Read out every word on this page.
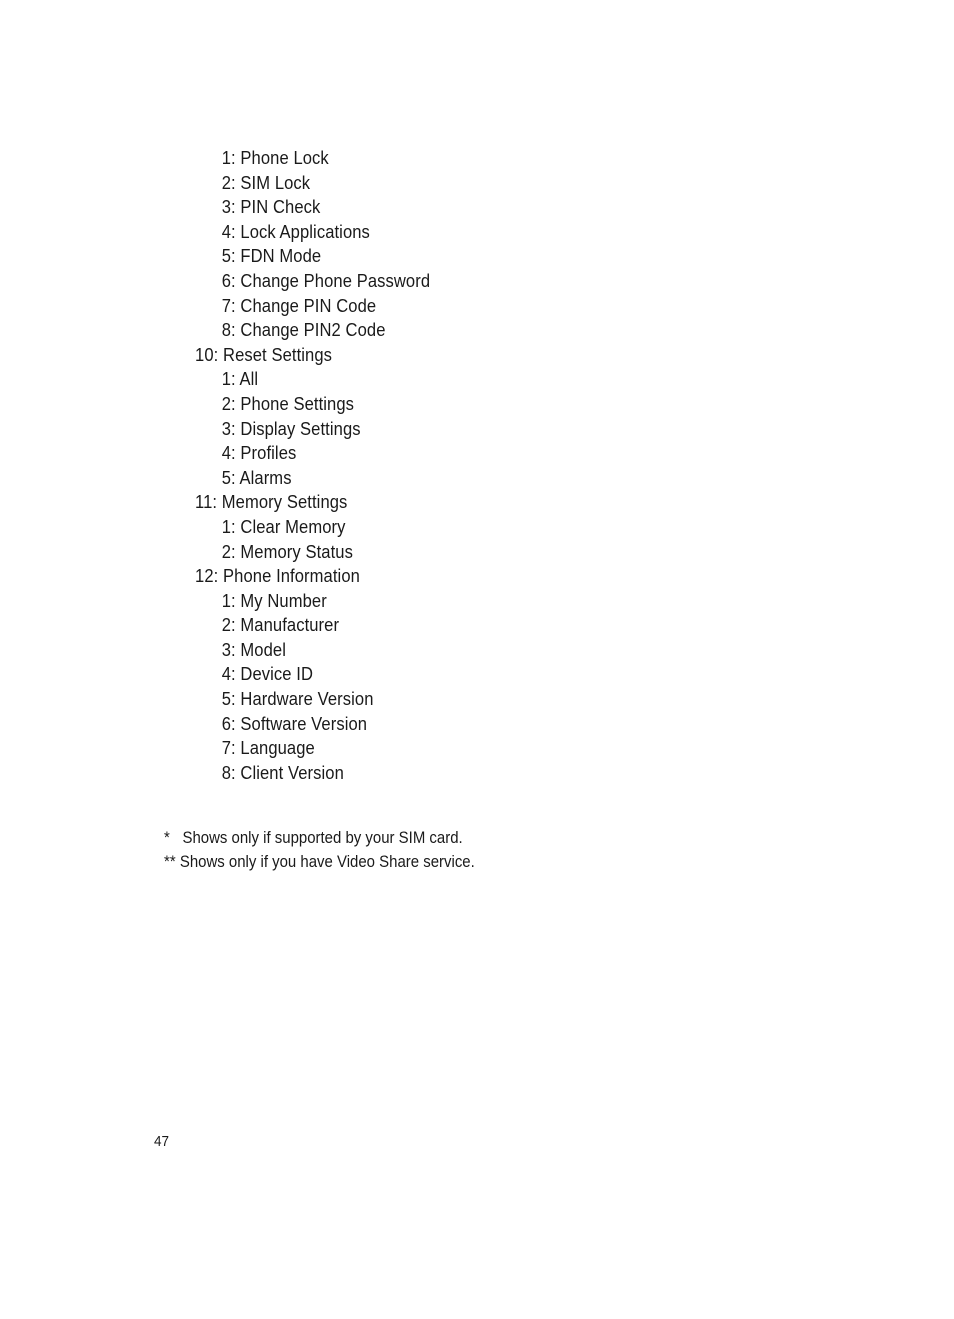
1: Phone Lock
2: SIM Lock
3: PIN Check
4: Lock Applications
5: FDN Mode
6: Change Phone Password
7: Change PIN Code
8: Change PIN2 Code
10: Reset Settings
1: All
2: Phone Settings
3: Display Settings
4: Profiles
5: Alarms
11: Memory Settings
1: Clear Memory
2: Memory Status
12: Phone Information
1: My Number
2: Manufacturer
3: Model
4: Device ID
5: Hardware Version
6: Software Version
7: Language
8: Client Version
* Shows only if supported by your SIM card.
** Shows only if you have Video Share service.
47
